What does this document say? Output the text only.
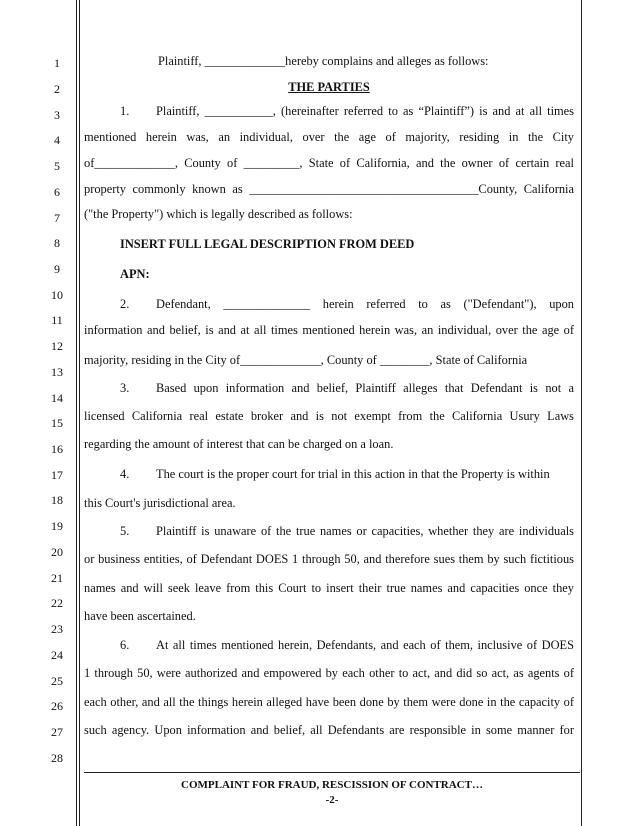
1
2
3
4
5
6
7
8
9
10
11
12
13
14
15
16
17
18
19
20
21
22
23
24
25
26
27
28
Plaintiff, _____________hereby complains and alleges as follows:
THE PARTIES
1. Plaintiff, ___________, (hereinafter referred to as “Plaintiff”) is and at all times
mentioned herein was, an individual, over the age of majority, residing in the City
of_____________, County of _________, State of California, and the owner of certain real
property commonly known as _____________________________________County, California
("the Property") which is legally described as follows:
INSERT FULL LEGAL DESCRIPTION FROM DEED
APN:
2. Defendant, ______________ herein referred to as ("Defendant"), upon
information and belief, is and at all times mentioned herein was, an individual, over the age of
majority, residing in the City of_____________, County of ________, State of California
3. Based upon information and belief, Plaintiff alleges that Defendant is not a
licensed California real estate broker and is not exempt from the California Usury Laws
regarding the amount of interest that can be charged on a loan.
4. The court is the proper court for trial in this action in that the Property is within
this Court's jurisdictional area.
5. Plaintiff is unaware of the true names or capacities, whether they are individuals
or business entities, of Defendant DOES 1 through 50, and therefore sues them by such fictitious
names and will seek leave from this Court to insert their true names and capacities once they
have been ascertained.
6. At all times mentioned herein, Defendants, and each of them, inclusive of DOES
1 through 50, were authorized and empowered by each other to act, and did so act, as agents of
each other, and all the things herein alleged have been done by them were done in the capacity of
such agency. Upon information and belief, all Defendants are responsible in some manner for
COMPLAINT FOR FRAUD, RESCISSION OF CONTRACT…
-2-
